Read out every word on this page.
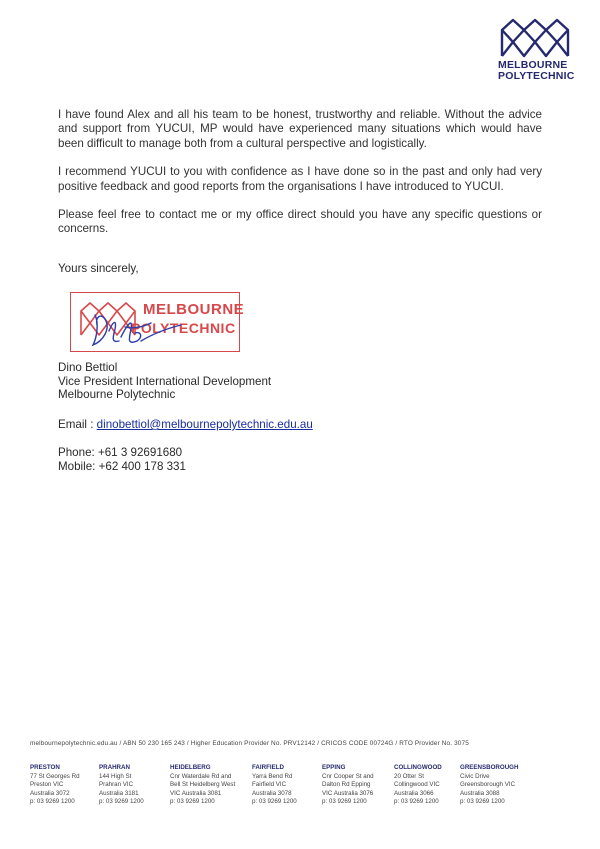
MELBOURNE
POLYTECHNIC

I have found Alex and all his team to be honest, trustworthy and reliable. Without the advice and support from YUCUI, MP would have experienced many situations which would have been difficult to manage both from a cultural perspective and logistically.

I recommend YUCUI to you with confidence as I have done so in the past and only had very positive feedback and good reports from the organisations I have introduced to YUCUI.

Please feel free to contact me or my office direct should you have any specific questions or concerns.

Yours sincerely,
MELBOURNE
POLYTECHNIC
Dino Bettiol
Vice President International Development
Melbourne Polytechnic
Email : dinobettiol@melbournepolytechnic.edu.au
Phone: +61 3 92691680
Mobile: +62 400 178 331
melbournepolytechnic.edu.au / ABN 50 230 165 243 / Higher Education Provider No. PRV12142 / CRICOS CODE 00724G / RTO Provider No. 3075
PRESTON
77 St Georges Rd
Preston VIC
Australia 3072
p: 03 9269 1200
PRAHRAN
144 High St
Prahran VIC
Australia 3181
p: 03 9269 1200
HEIDELBERG
Cnr Waterdale Rd and
Bell St Heidelberg West
VIC Australia 3081
p: 03 9269 1200
FAIRFIELD
Yarra Bend Rd
Fairfield VIC
Australia 3078
p: 03 9269 1200
EPPING
Cnr Cooper St and
Dalton Rd Epping
VIC Australia 3076
p: 03 9269 1200
COLLINGWOOD
20 Otter St
Collingwood VIC
Australia 3066
p: 03 9269 1200
GREENSBOROUGH
Civic Drive
Greensborough VIC
Australia 3088
p: 03 9269 1200
